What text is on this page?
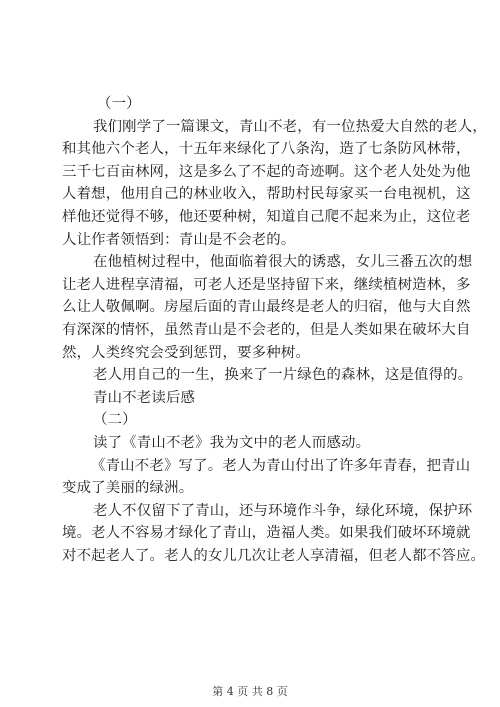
（一）
我们刚学了一篇课文，青山不老，有一位热爱大自然的老人，
和其他六个老人，十五年来绿化了八条沟，造了七条防风林带，
三千七百亩林网，这是多么了不起的奇迹啊。这个老人处处为他
人着想，他用自己的林业收入，帮助村民每家买一台电视机，这
样他还觉得不够，他还要种树，知道自己爬不起来为止，这位老
人让作者领悟到：青山是不会老的。
在他植树过程中，他面临着很大的诱惑，女儿三番五次的想
让老人进程享清福，可老人还是坚持留下来，继续植树造林，多
么让人敬佩啊。房屋后面的青山最终是老人的归宿，他与大自然
有深深的情怀，虽然青山是不会老的，但是人类如果在破坏大自
然，人类终究会受到惩罚，要多种树。
老人用自己的一生，换来了一片绿色的森林，这是值得的。
青山不老读后感
（二）
读了《青山不老》我为文中的老人而感动。
《青山不老》写了。老人为青山付出了许多年青春，把青山
变成了美丽的绿洲。
老人不仅留下了青山，还与环境作斗争，绿化环境，保护环
境。老人不容易才绿化了青山，造福人类。如果我们破坏环境就
对不起老人了。老人的女儿几次让老人享清福，但老人都不答应。
第 4 页 共 8 页
